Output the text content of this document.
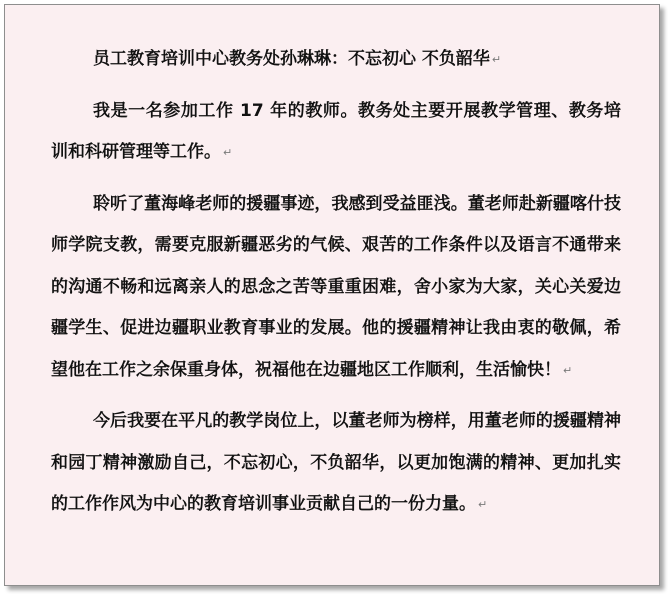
员工教育培训中心教务处孙琳琳：不忘初心 不负韶华 ↵

我是一名参加工作 17 年的教师。教务处主要开展教学管理、教务培训和科研管理等工作。 ↵

聆听了董海峰老师的援疆事迹，我感到受益匪浅。董老师赴新疆喀什技师学院支教，需要克服新疆恶劣的气候、艰苦的工作条件以及语言不通带来的沟通不畅和远离亲人的思念之苦等重重困难，舍小家为大家，关心关爱边疆学生、促进边疆职业教育事业的发展。他的援疆精神让我由衷的敬佩，希望他在工作之余保重身体，祝福他在边疆地区工作顺利，生活愉快！ ↵

今后我要在平凡的教学岗位上，以董老师为榜样，用董老师的援疆精神和园丁精神激励自己，不忘初心，不负韶华，以更加饱满的精神、更加扎实的工作作风为中心的教育培训事业贡献自己的一份力量。 ↵
